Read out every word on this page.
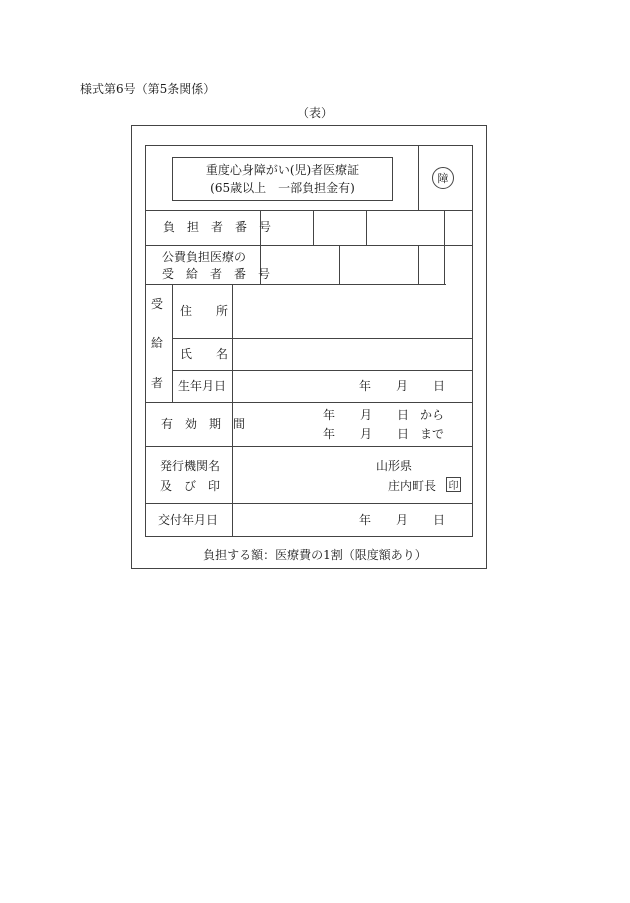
様式第6号（第5条関係）
（表）
重度心身障がい(児)者医療証
(65歳以上　一部負担金有)
障
負　担　者　番　号
公費負担医療の
受　給　者　番　号
受
給
者
住　　所
氏　　名
生年月日
有　効　期　間
発行機関名
及　び　印
交付年月日
年 月 日
年 月 日 から
年 月 日 まで
山形県
庄内町長 印
年 月 日
負担する額：医療費の1割（限度額あり）
